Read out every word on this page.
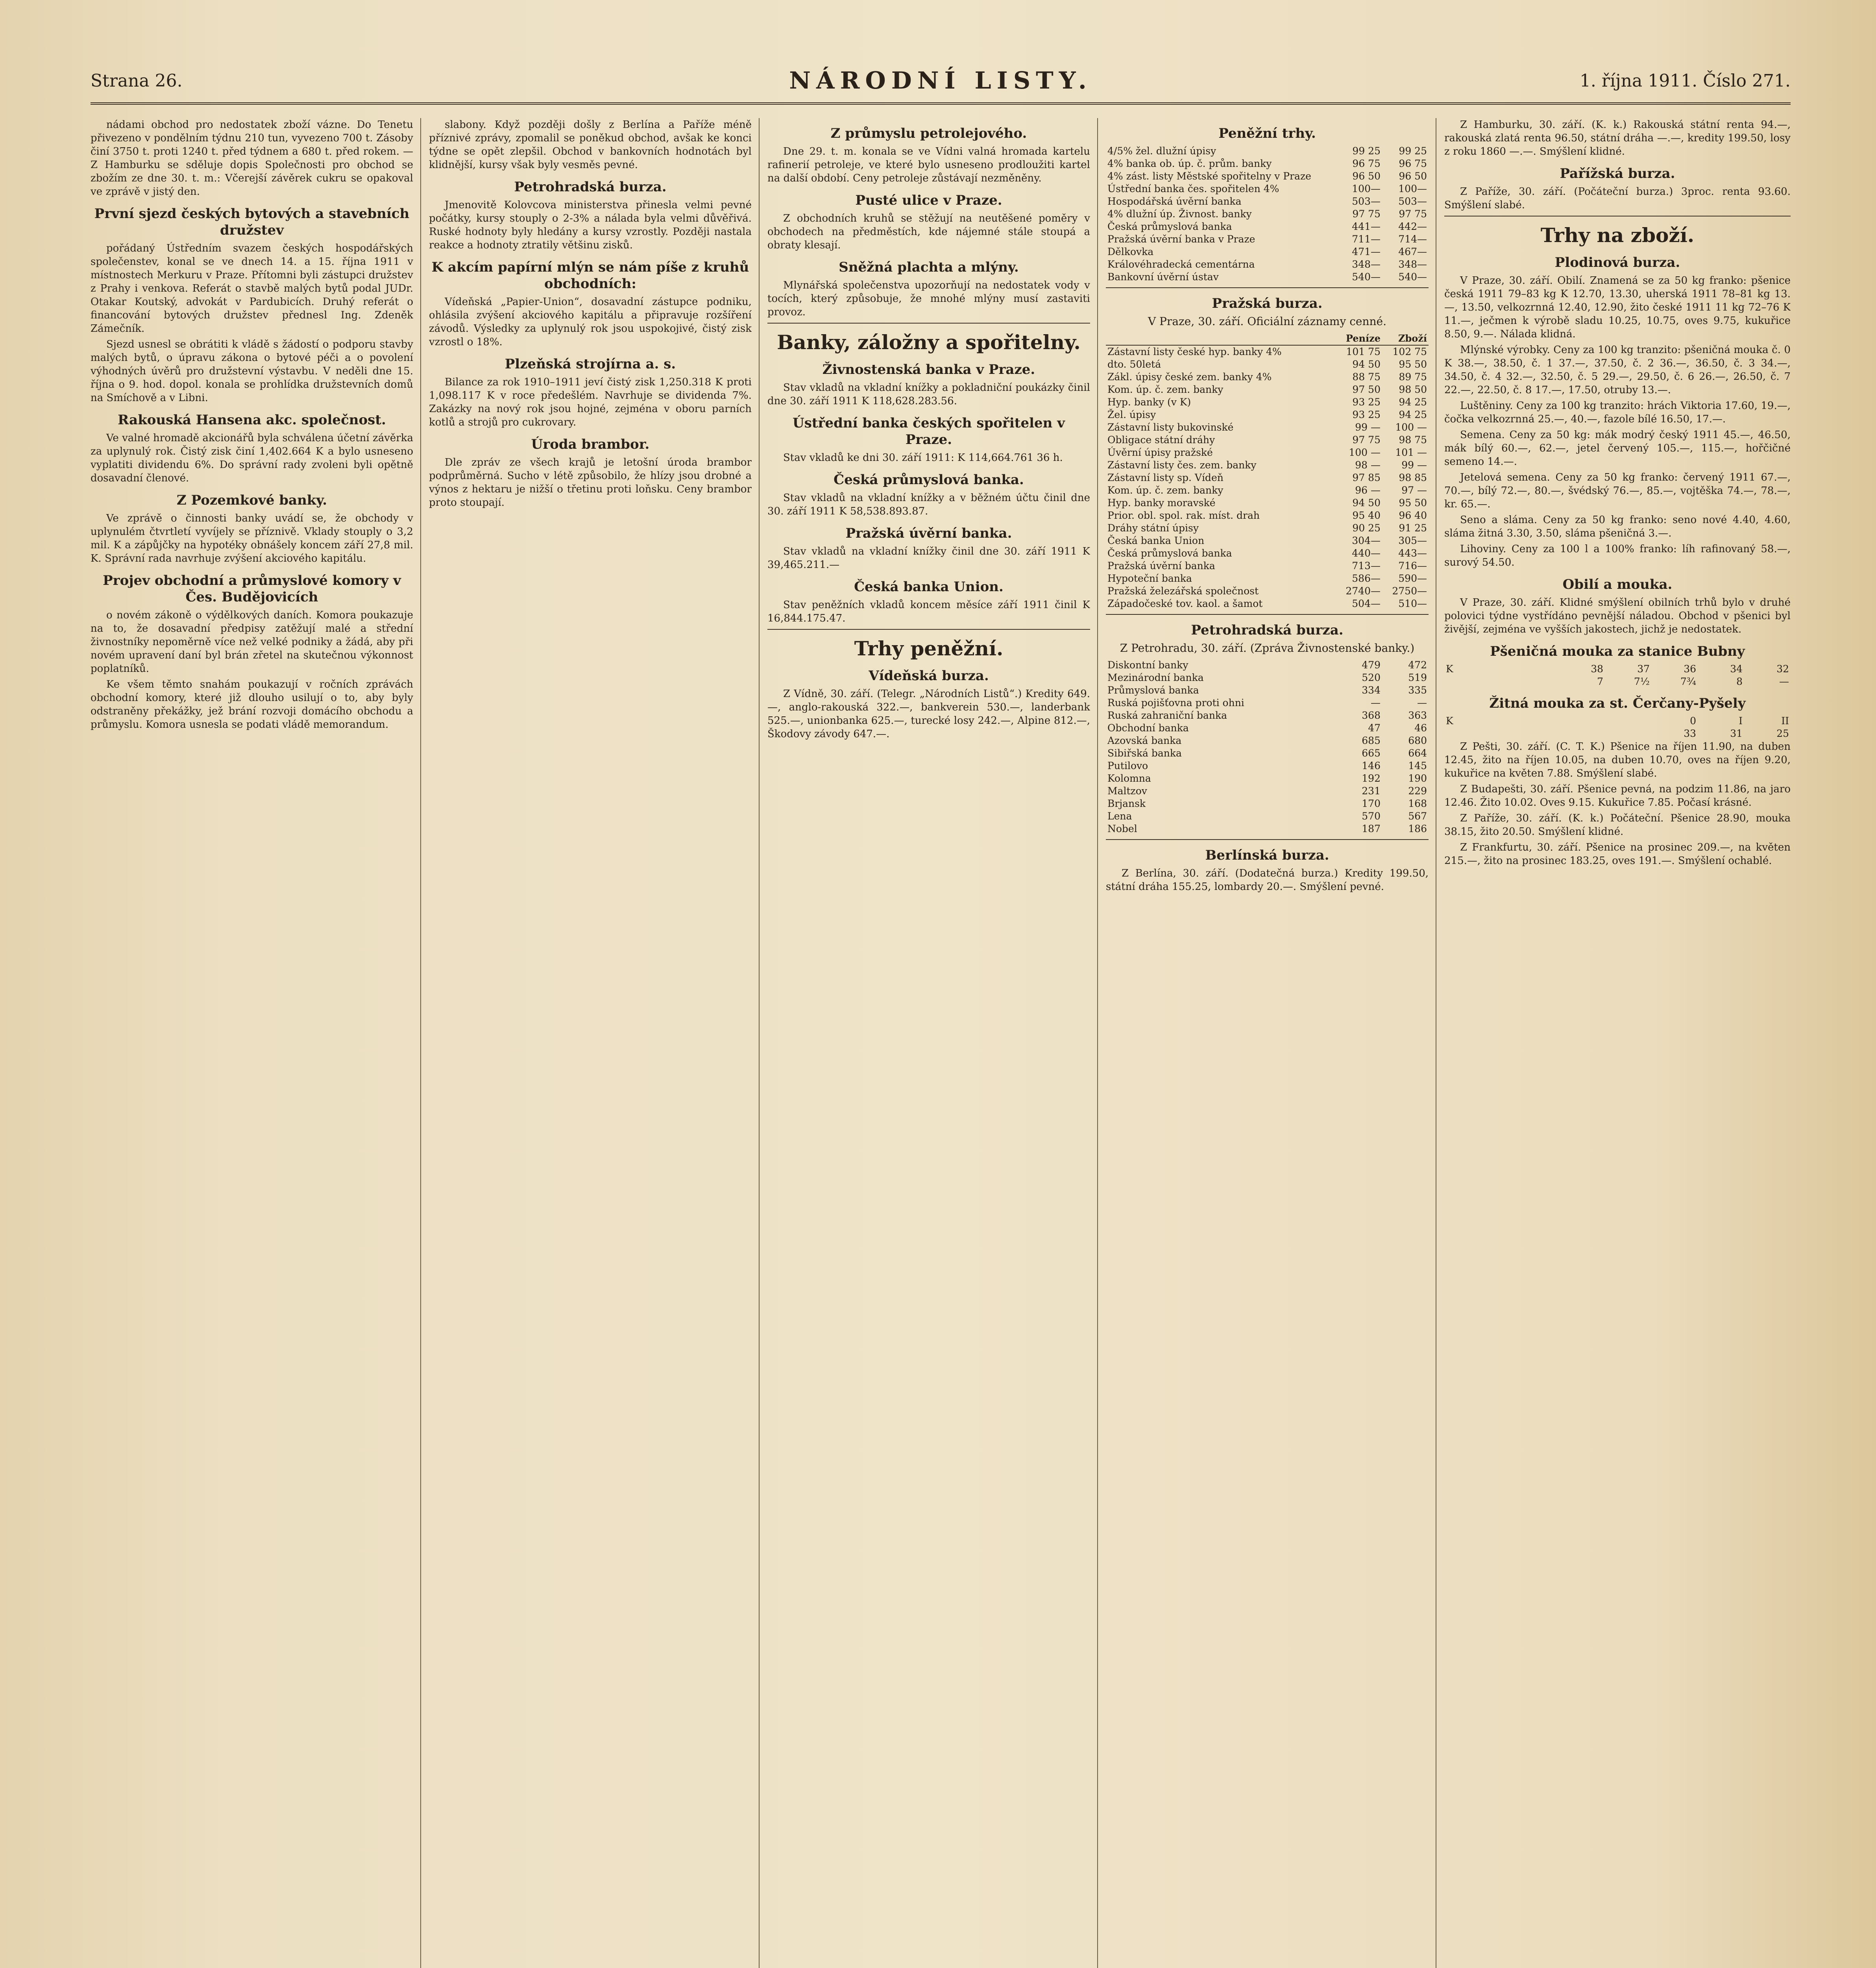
Strana 26.	NÁRODNÍ LISTY.	1. října 1911. Číslo 271.

nádami obchod pro nedostatek zboží vázne. Do Tenetu přivezeno v pondělním týdnu 210 tun, vyvezeno 700 t. Zásoby činí 3750 t. proti 1240 t. před týdnem a 680 t. před rokem. — Z Hamburku se sděluje dopis Společnosti pro obchod se zbožím ze dne 30. t. m.: Včerejší závěrek cukru se opakoval ve zprávě v jistý den.

První sjezd českých bytových a stavebních družstev

pořádaný Ústředním svazem českých hospodářských společenstev, konal se ve dnech 14. a 15. října 1911 v místnostech Merkuru v Praze. Přítomni byli zástupci družstev z Prahy i venkova. Referát o stavbě malých bytů podal JUDr. Otakar Koutský, advokát v Pardubicích. Druhý referát o financování bytových družstev přednesl Ing. Zdeněk Zámečník.

Sjezd usnesl se obrátiti k vládě s žádostí o podporu stavby malých bytů, o úpravu zákona o bytové péči a o povolení výhodných úvěrů pro družstevní výstavbu. V neděli dne 15. října o 9. hod. dopol. konala se prohlídka družstevních domů na Smíchově a v Libni.

Rakouská Hansena akc. společnost.

Ve valné hromadě akcionářů byla schválena účetní závěrka za uplynulý rok. Čistý zisk činí 1,402.664 K a bylo usneseno vyplatiti dividendu 6%. Do správní rady zvoleni byli opětně dosavadní členové.

Z Pozemkové banky.

Ve zprávě o činnosti banky uvádí se, že obchody v uplynulém čtvrtletí vyvíjely se příznivě. Vklady stouply o 3,2 mil. K a zápůjčky na hypotéky obnášely koncem září 27,8 mil. K. Správní rada navrhuje zvýšení akciového kapitálu.

Projev obchodní a průmyslové komory v Čes. Budějovicích

o novém zákoně o výdělkových daních. Komora poukazuje na to, že dosavadní předpisy zatěžují malé a střední živnostníky nepoměrně více než velké podniky a žádá, aby při novém upravení daní byl brán zřetel na skutečnou výkonnost poplatníků.

Ke všem těmto snahám poukazují v ročních zprávách obchodní komory, které již dlouho usilují o to, aby byly odstraněny překážky, jež brání rozvoji domácího obchodu a průmyslu. Komora usnesla se podati vládě memorandum.

slabony. Když později došly z Berlína a Paříže méně příznivé zprávy, zpomalil se poněkud obchod, avšak ke konci týdne se opět zlepšil. Obchod v bankovních hodnotách byl klidnější, kursy však byly vesměs pevné.

Petrohradská burza.

Jmenovitě Kolovcova ministerstva přinesla velmi pevné počátky, kursy stouply o 2-3% a nálada byla velmi důvěřivá. Ruské hodnoty byly hledány a kursy vzrostly. Později nastala reakce a hodnoty ztratily většinu zisků.

K akcím papírní mlýn se nám píše z kruhů obchodních:

Vídeňská „Papier-Union“, dosavadní zástupce podniku, ohlásila zvýšení akciového kapitálu a připravuje rozšíření závodů. Výsledky za uplynulý rok jsou uspokojivé, čistý zisk vzrostl o 18%.

Plzeňská strojírna a. s.

Bilance za rok 1910–1911 jeví čistý zisk 1,250.318 K proti 1,098.117 K v roce předešlém. Navrhuje se dividenda 7%. Zakázky na nový rok jsou hojné, zejména v oboru parních kotlů a strojů pro cukrovary.

Úroda brambor.

Dle zpráv ze všech krajů je letošní úroda brambor podprůměrná. Sucho v létě způsobilo, že hlízy jsou drobné a výnos z hektaru je nižší o třetinu proti loňsku. Ceny brambor proto stoupají.

Z průmyslu petrolejového.

Dne 29. t. m. konala se ve Vídni valná hromada kartelu rafinerií petroleje, ve které bylo usneseno prodloužiti kartel na další období. Ceny petroleje zůstávají nezměněny.

Pusté ulice v Praze.

Z obchodních kruhů se stěžují na neutěšené poměry v obchodech na předměstích, kde nájemné stále stoupá a obraty klesají.

Sněžná plachta a mlýny.

Mlynářská společenstva upozorňují na nedostatek vody v tocích, který způsobuje, že mnohé mlýny musí zastaviti provoz.

Banky, záložny a spořitelny.
Živnostenská banka v Praze.

Stav vkladů na vkladní knížky a pokladniční poukázky činil dne 30. září 1911 K 118,628.283.56.

Ústřední banka českých spořitelen v Praze.

Stav vkladů ke dni 30. září 1911: K 114,664.761 36 h.

Česká průmyslová banka.

Stav vkladů na vkladní knížky a v běžném účtu činil dne 30. září 1911 K 58,538.893.87.

Pražská úvěrní banka.

Stav vkladů na vkladní knížky činil dne 30. září 1911 K 39,465.211.—

Česká banka Union.

Stav peněžních vkladů koncem měsíce září 1911 činil K 16,844.175.47.

Trhy peněžní.
Vídeňská burza.

Z Vídně, 30. září. (Telegr. „Národních Listů“.) Kredity 649.—, anglo-rakouská 322.—, bankverein 530.—, landerbank 525.—, unionbanka 625.—, turecké losy 242.—, Alpine 812.—, Škodovy závody 647.—.

Peněžní trhy.
4/5% žel. dlužní úpisy	99 25	99 25
4% banka ob. úp. č. prům. banky	96 75	96 75
4% zást. listy Městské spořitelny v Praze	96 50	96 50
Ústřední banka čes. spořitelen 4%	100—	100—
Hospodářská úvěrní banka	503—	503—
4% dlužní úp. Živnost. banky	97 75	97 75
Česká průmyslová banka	441—	442—
Pražská úvěrní banka v Praze	711—	714—
Dělkovka	471—	467—
Královéhradecká cementárna	348—	348—
Bankovní úvěrní ústav	540—	540—
Pražská burza.
V Praze, 30. září. Oficiální záznamy cenné.
	Peníze	Zboží
Zástavní listy české hyp. banky 4%	101 75	102 75
dto. 50letá	94 50	95 50
Zákl. úpisy české zem. banky 4%	88 75	89 75
Kom. úp. č. zem. banky	97 50	98 50
Hyp. banky (v K)	93 25	94 25
Žel. úpisy	93 25	94 25
Zástavní listy bukovinské	99 —	100 —
Obligace státní dráhy	97 75	98 75
Úvěrní úpisy pražské	100 —	101 —
Zástavní listy čes. zem. banky	98 —	99 —
Zástavní listy sp. Vídeň	97 85	98 85
Kom. úp. č. zem. banky	96 —	97 —
Hyp. banky moravské	94 50	95 50
Prior. obl. spol. rak. míst. drah	95 40	96 40
Dráhy státní úpisy	90 25	91 25
Česká banka Union	304—	305—
Česká průmyslová banka	440—	443—
Pražská úvěrní banka	713—	716—
Hypoteční banka	586—	590—
Pražská železářská společnost	2740—	2750—
Západočeské tov. kaol. a šamot	504—	510—
Petrohradská burza.
Z Petrohradu, 30. září. (Zpráva Živnostenské banky.)
Diskontní banky	479	472
Mezinárodní banka	520	519
Průmyslová banka	334	335
Ruská pojišťovna proti ohni	—	—
Ruská zahraniční banka	368	363
Obchodní banka	47	46
Azovská banka	685	680
Sibiřská banka	665	664
Putilovo	146	145
Kolomna	192	190
Maltzov	231	229
Brjansk	170	168
Lena	570	567
Nobel	187	186
Berlínská burza.

Z Berlína, 30. září. (Dodatečná burza.) Kredity 199.50, státní dráha 155.25, lombardy 20.—. Smýšlení pevné.

Z Hamburku, 30. září. (K. k.) Rakouská státní renta 94.—, rakouská zlatá renta 96.50, státní dráha —.—, kredity 199.50, losy z roku 1860 —.—. Smýšlení klidné.

Pařížská burza.

Z Paříže, 30. září. (Počáteční burza.) 3proc. renta 93.60. Smýšlení slabé.

Trhy na zboží.
Plodinová burza.

V Praze, 30. září. Obilí. Znamená se za 50 kg franko: pšenice česká 1911 79–83 kg K 12.70, 13.30, uherská 1911 78–81 kg 13.—, 13.50, velkozrnná 12.40, 12.90, žito české 1911 11 kg 72–76 K 11.—, ječmen k výrobě sladu 10.25, 10.75, oves 9.75, kukuřice 8.50, 9.—. Nálada klidná.

Mlýnské výrobky. Ceny za 100 kg tranzito: pšeničná mouka č. 0 K 38.—, 38.50, č. 1 37.—, 37.50, č. 2 36.—, 36.50, č. 3 34.—, 34.50, č. 4 32.—, 32.50, č. 5 29.—, 29.50, č. 6 26.—, 26.50, č. 7 22.—, 22.50, č. 8 17.—, 17.50, otruby 13.—.

Luštěniny. Ceny za 100 kg tranzito: hrách Viktoria 17.60, 19.—, čočka velkozrnná 25.—, 40.—, fazole bílé 16.50, 17.—.

Semena. Ceny za 50 kg: mák modrý český 1911 45.—, 46.50, mák bílý 60.—, 62.—, jetel červený 105.—, 115.—, hořčičné semeno 14.—.

Jetelová semena. Ceny za 50 kg franko: červený 1911 67.—, 70.—, bílý 72.—, 80.—, švédský 76.—, 85.—, vojtěška 74.—, 78.—, kr. 65.—.

Seno a sláma. Ceny za 50 kg franko: seno nové 4.40, 4.60, sláma žitná 3.30, 3.50, sláma pšeničná 3.—.

Lihoviny. Ceny za 100 l a 100% franko: líh rafinovaný 58.—, surový 54.50.

Obilí a mouka.

V Praze, 30. září. Klidné smýšlení obilních trhů bylo v druhé polovici týdne vystřídáno pevnější náladou. Obchod v pšenici byl živější, zejména ve vyšších jakostech, jichž je nedostatek.

Pšeničná mouka za stanice Bubny
K	38	37	36	34	32
	7	7½	7¾	8	—
Žitná mouka za st. Čerčany-Pyšely
K	0	I	II
	33	31	25

Z Pešti, 30. září. (C. T. K.) Pšenice na říjen 11.90, na duben 12.45, žito na říjen 10.05, na duben 10.70, oves na říjen 9.20, kukuřice na květen 7.88. Smýšlení slabé.

Z Budapešti, 30. září. Pšenice pevná, na podzim 11.86, na jaro 12.46. Žito 10.02. Oves 9.15. Kukuřice 7.85. Počasí krásné.

Z Paříže, 30. září. (K. k.) Počáteční. Pšenice 28.90, mouka 38.15, žito 20.50. Smýšlení klidné.

Z Frankfurtu, 30. září. Pšenice na prosinec 209.—, na květen 215.—, žito na prosinec 183.25, oves 191.—. Smýšlení ochablé.
